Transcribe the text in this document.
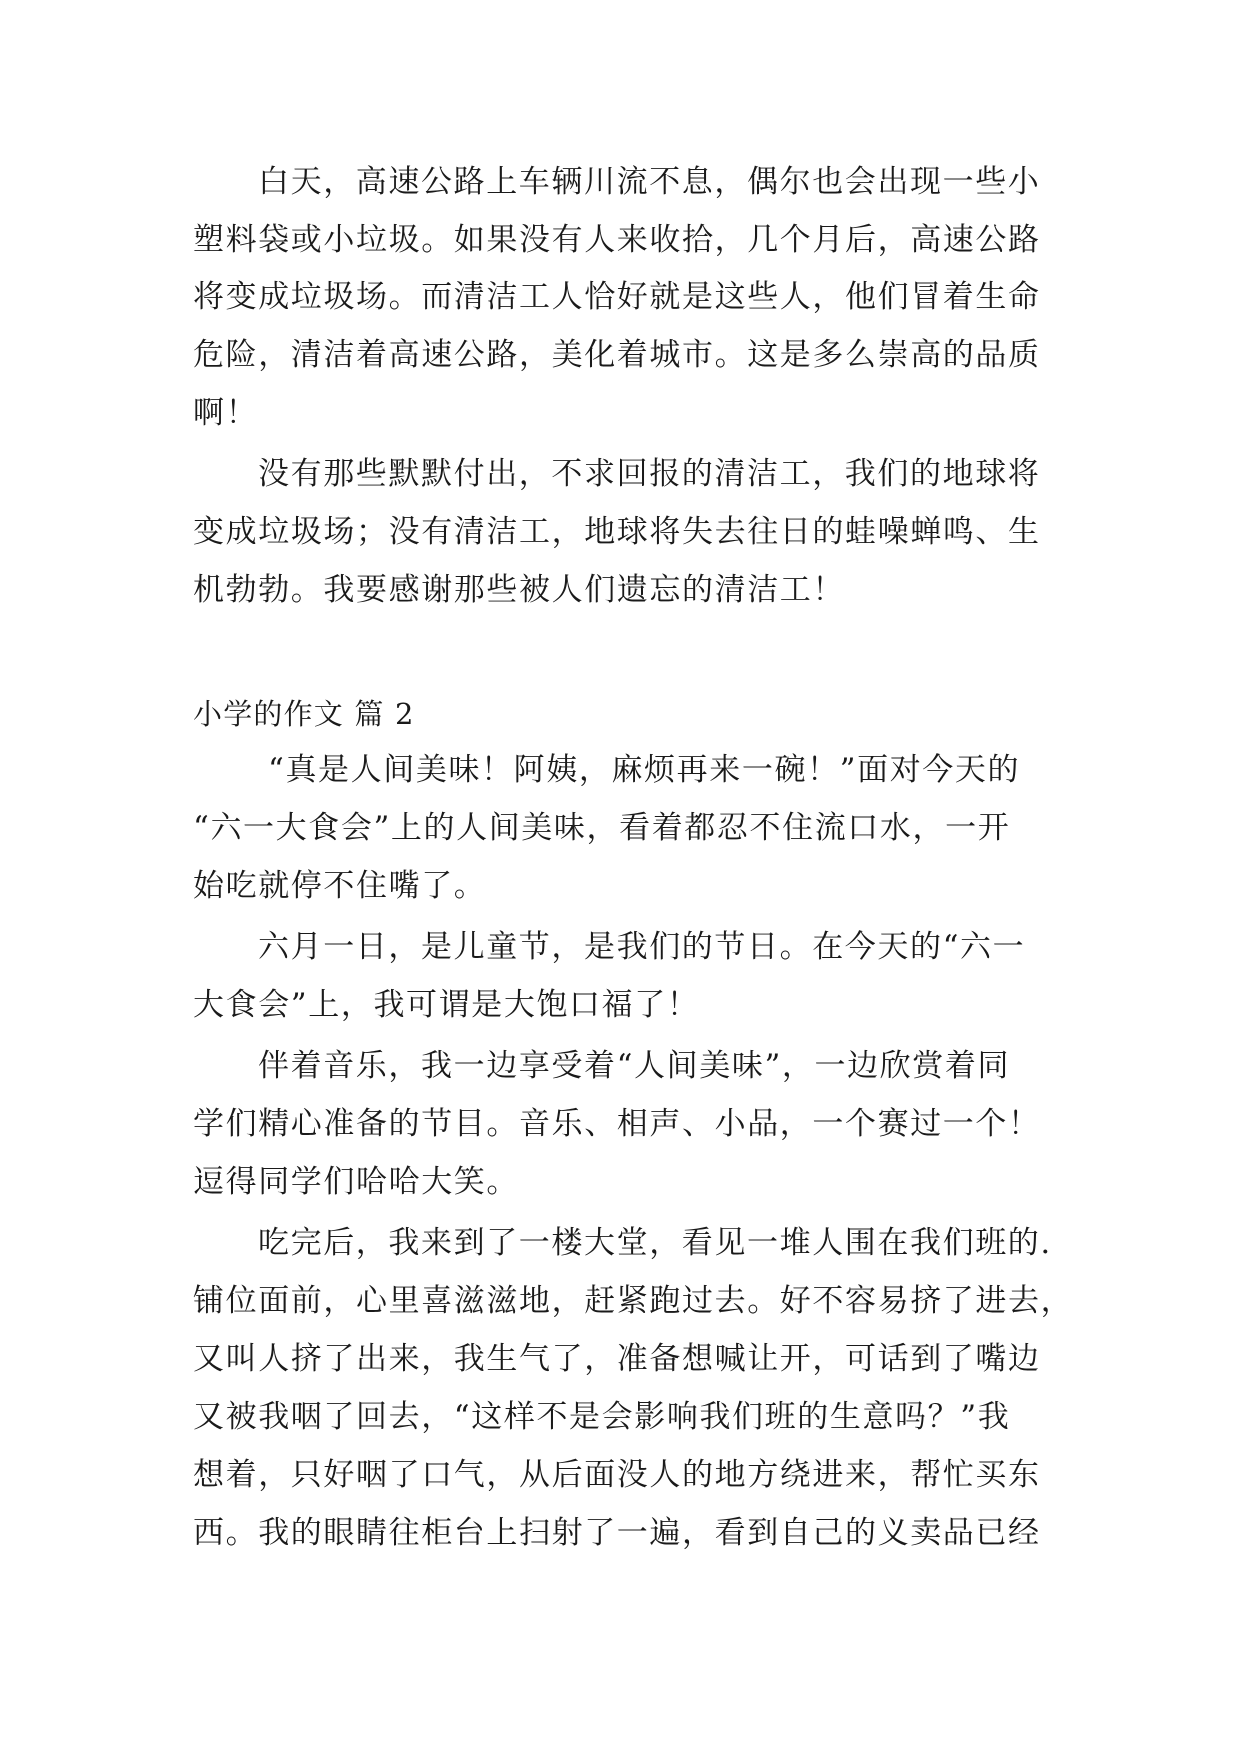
白天，高速公路上车辆川流不息，偶尔也会出现一些小
塑料袋或小垃圾。如果没有人来收拾，几个月后，高速公路
将变成垃圾场。而清洁工人恰好就是这些人，他们冒着生命
危险，清洁着高速公路，美化着城市。这是多么崇高的品质
啊！
没有那些默默付出，不求回报的清洁工，我们的地球将
变成垃圾场；没有清洁工，地球将失去往日的蛙噪蝉鸣、生
机勃勃。我要感谢那些被人们遗忘的清洁工！
小学的作文 篇 2
“真是人间美味！阿姨，麻烦再来一碗！”面对今天的
“六一大食会”上的人间美味，看着都忍不住流口水，一开
始吃就停不住嘴了。
六月一日，是儿童节，是我们的节日。在今天的“六一
大食会”上，我可谓是大饱口福了！
伴着音乐，我一边享受着“人间美味”，一边欣赏着同
学们精心准备的节目。音乐、相声、小品，一个赛过一个！
逗得同学们哈哈大笑。
吃完后，我来到了一楼大堂，看见一堆人围在我们班的.
铺位面前，心里喜滋滋地，赶紧跑过去。好不容易挤了进去，
又叫人挤了出来，我生气了，准备想喊让开，可话到了嘴边
又被我咽了回去，“这样不是会影响我们班的生意吗？”我
想着，只好咽了口气，从后面没人的地方绕进来，帮忙买东
西。我的眼睛往柜台上扫射了一遍，看到自己的义卖品已经
